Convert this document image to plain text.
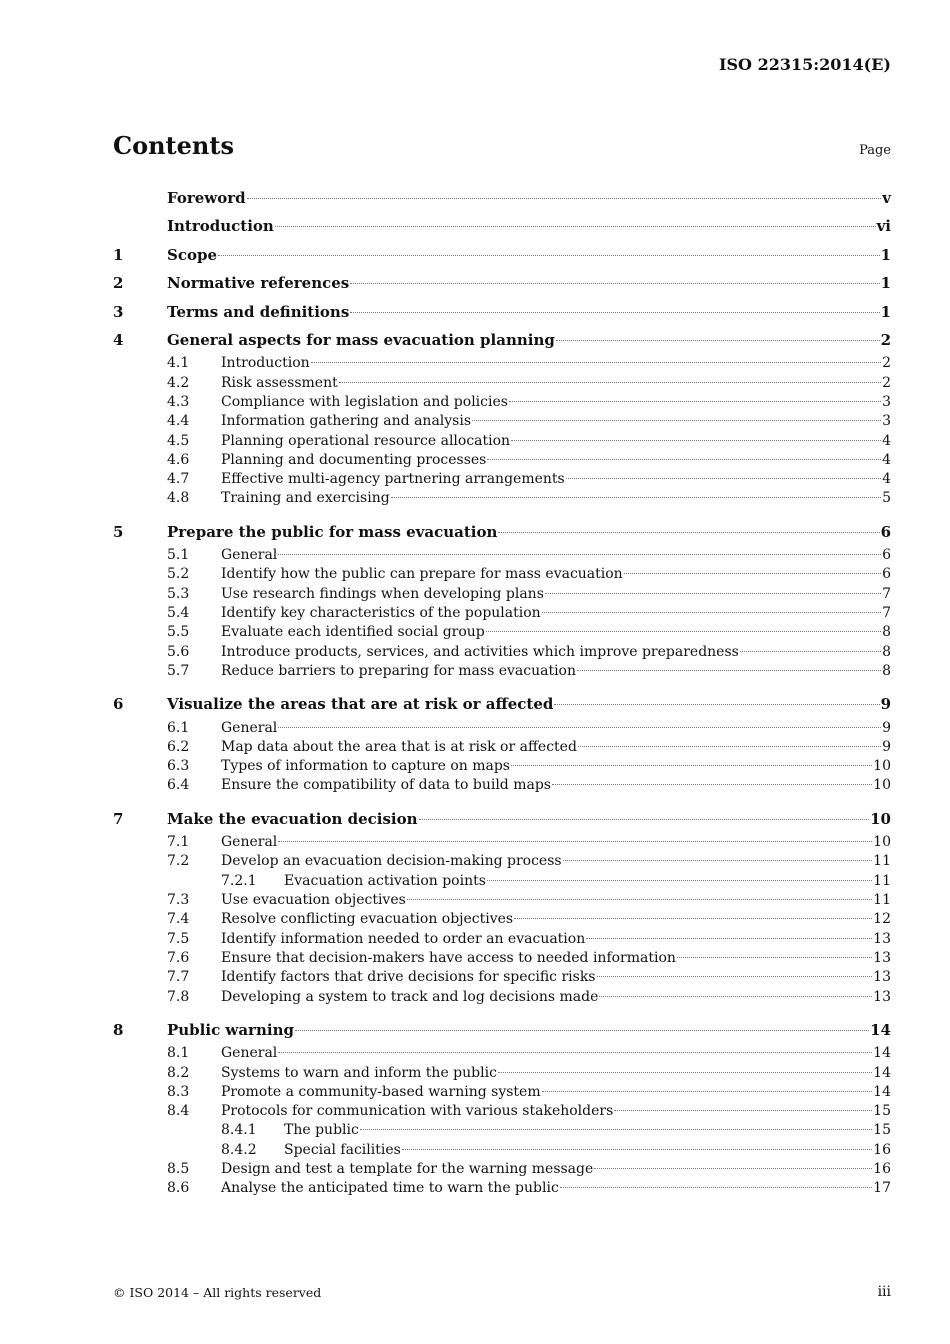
ISO 22315:2014(E)
Contents	Page
Foreword	v
Introduction	vi
1	Scope	1
2	Normative references	1
3	Terms and definitions	1
4	General aspects for mass evacuation planning	2
4.1	Introduction	2
4.2	Risk assessment	2
4.3	Compliance with legislation and policies	3
4.4	Information gathering and analysis	3
4.5	Planning operational resource allocation	4
4.6	Planning and documenting processes	4
4.7	Effective multi-agency partnering arrangements	4
4.8	Training and exercising	5
5	Prepare the public for mass evacuation	6
5.1	General	6
5.2	Identify how the public can prepare for mass evacuation	6
5.3	Use research findings when developing plans	7
5.4	Identify key characteristics of the population	7
5.5	Evaluate each identified social group	8
5.6	Introduce products, services, and activities which improve preparedness	8
5.7	Reduce barriers to preparing for mass evacuation	8
6	Visualize the areas that are at risk or affected	9
6.1	General	9
6.2	Map data about the area that is at risk or affected	9
6.3	Types of information to capture on maps	10
6.4	Ensure the compatibility of data to build maps	10
7	Make the evacuation decision	10
7.1	General	10
7.2	Develop an evacuation decision-making process	11
7.2.1	Evacuation activation points	11
7.3	Use evacuation objectives	11
7.4	Resolve conflicting evacuation objectives	12
7.5	Identify information needed to order an evacuation	13
7.6	Ensure that decision-makers have access to needed information	13
7.7	Identify factors that drive decisions for specific risks	13
7.8	Developing a system to track and log decisions made	13
8	Public warning	14
8.1	General	14
8.2	Systems to warn and inform the public	14
8.3	Promote a community-based warning system	14
8.4	Protocols for communication with various stakeholders	15
8.4.1	The public	15
8.4.2	Special facilities	16
8.5	Design and test a template for the warning message	16
8.6	Analyse the anticipated time to warn the public	17
© ISO 2014 – All rights reserved	iii
